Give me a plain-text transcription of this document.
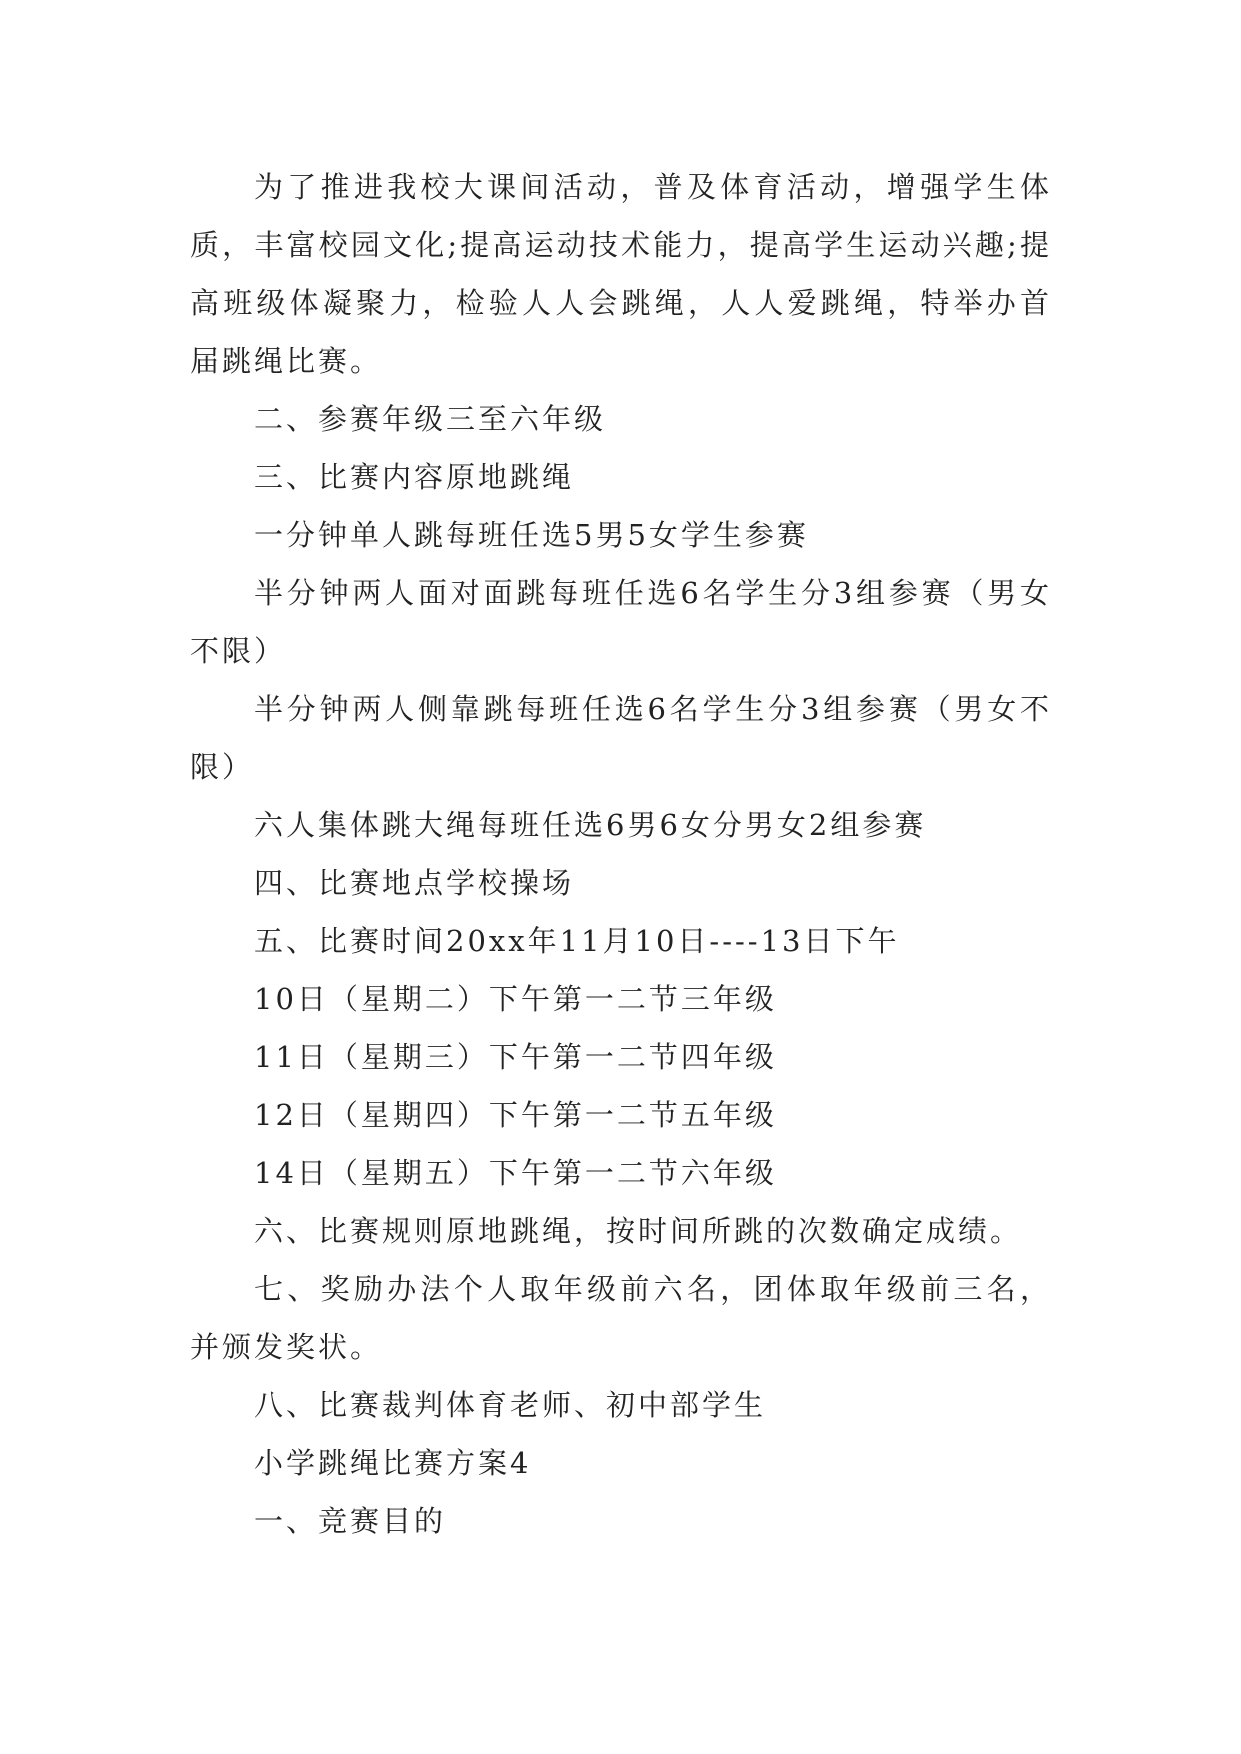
为了推进我校大课间活动，普及体育活动，增强学生体质，丰富校园文化;提高运动技术能力，提高学生运动兴趣;提高班级体凝聚力，检验人人会跳绳，人人爱跳绳，特举办首届跳绳比赛。

二、参赛年级三至六年级

三、比赛内容原地跳绳

一分钟单人跳每班任选5男5女学生参赛

半分钟两人面对面跳每班任选6名学生分3组参赛（男女不限）

半分钟两人侧靠跳每班任选6名学生分3组参赛（男女不限）

六人集体跳大绳每班任选6男6女分男女2组参赛

四、比赛地点学校操场

五、比赛时间20xx年11月10日----13日下午

10日（星期二）下午第一二节三年级

11日（星期三）下午第一二节四年级

12日（星期四）下午第一二节五年级

14日（星期五）下午第一二节六年级

六、比赛规则原地跳绳，按时间所跳的次数确定成绩。

七、奖励办法个人取年级前六名，团体取年级前三名，并颁发奖状。

八、比赛裁判体育老师、初中部学生

小学跳绳比赛方案4

一、竞赛目的
